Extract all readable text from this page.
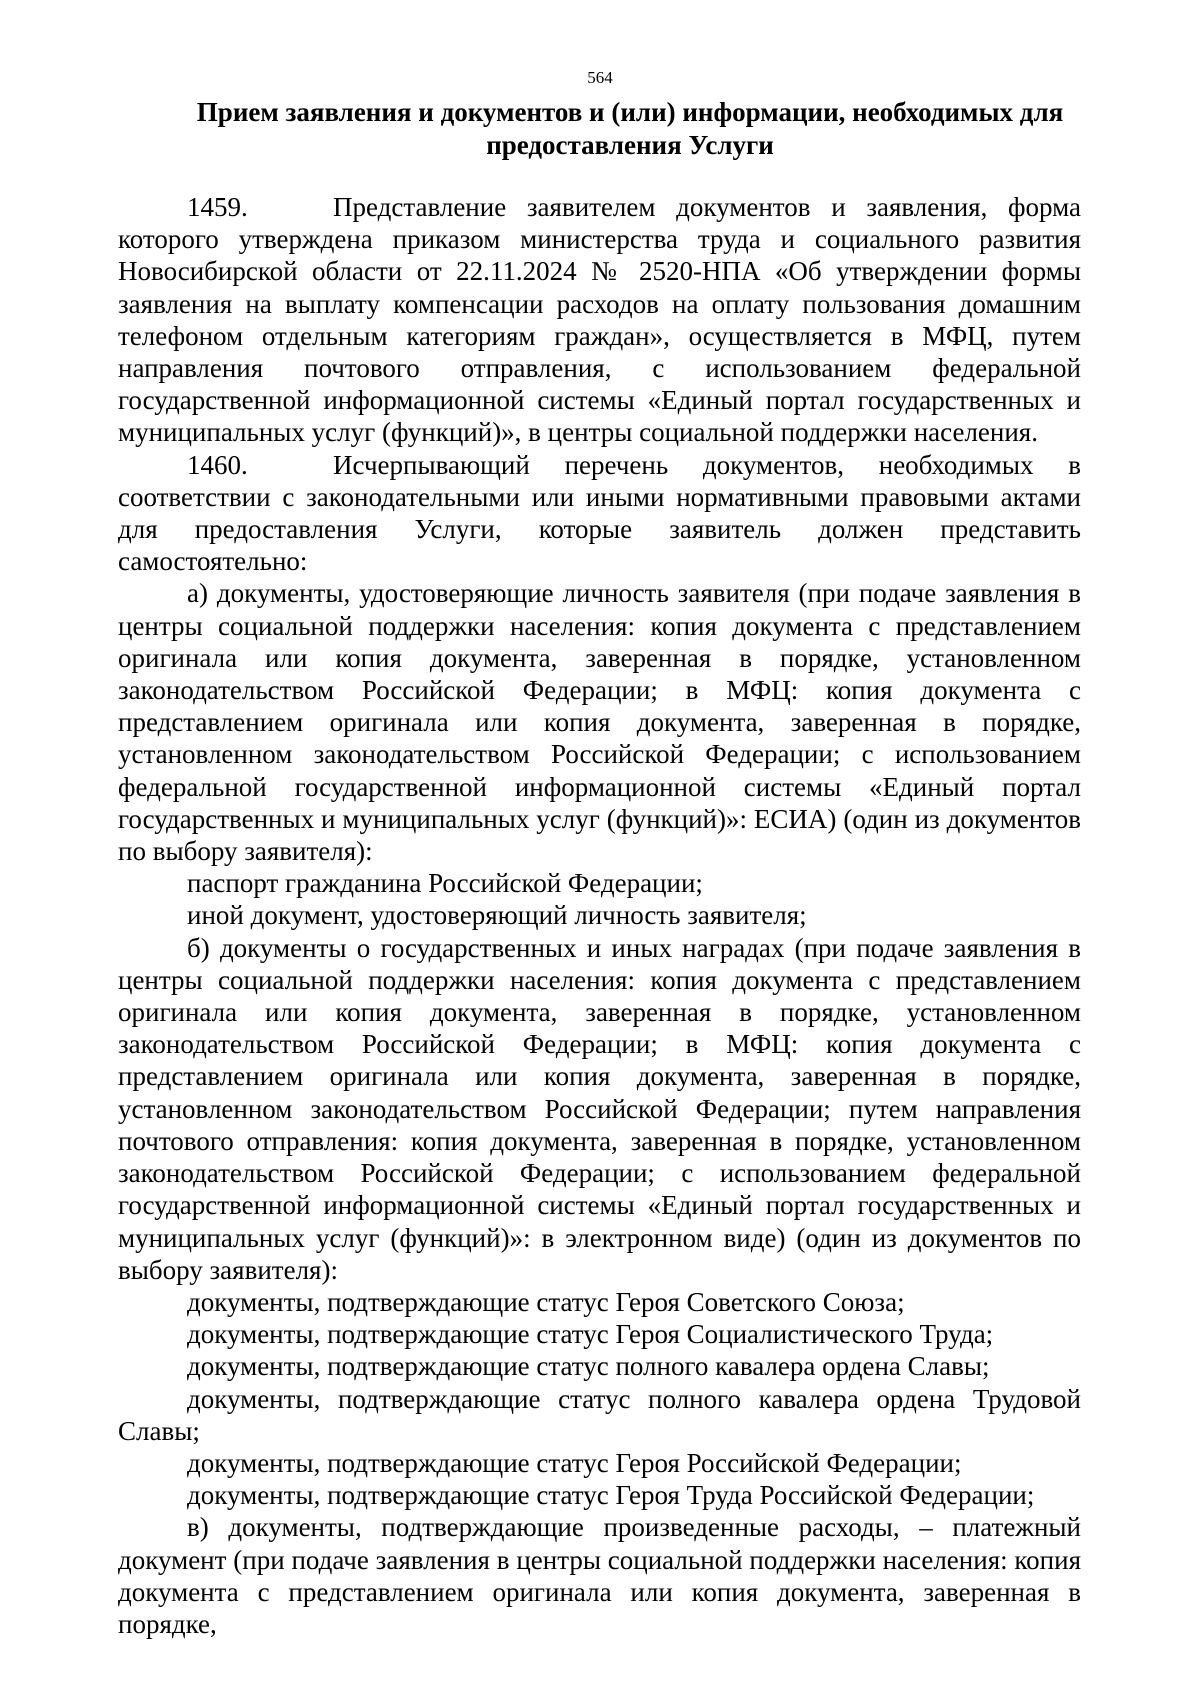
564
Прием заявления и документов и (или) информации, необходимых для предоставления Услуги

1459.	Представление заявителем документов и заявления, форма которого утверждена приказом министерства труда и социального развития Новосибирской области от 22.11.2024 № 2520-НПА «Об утверждении формы заявления на выплату компенсации расходов на оплату пользования домашним телефоном отдельным категориям граждан», осуществляется в МФЦ, путем направления почтового отправления, с использованием федеральной государственной информационной системы «Единый портал государственных и муниципальных услуг (функций)», в центры социальной поддержки населения.

1460.	Исчерпывающий перечень документов, необходимых в соответствии с законодательными или иными нормативными правовыми актами для предоставления Услуги, которые заявитель должен представить самостоятельно:

а) документы, удостоверяющие личность заявителя (при подаче заявления в центры социальной поддержки населения: копия документа с представлением оригинала или копия документа, заверенная в порядке, установленном законодательством Российской Федерации; в МФЦ: копия документа с представлением оригинала или копия документа, заверенная в порядке, установленном законодательством Российской Федерации; с использованием федеральной государственной информационной системы «Единый портал государственных и муниципальных услуг (функций)»: ЕСИА) (один из документов по выбору заявителя):

паспорт гражданина Российской Федерации;

иной документ, удостоверяющий личность заявителя;

б) документы о государственных и иных наградах (при подаче заявления в центры социальной поддержки населения: копия документа с представлением оригинала или копия документа, заверенная в порядке, установленном законодательством Российской Федерации; в МФЦ: копия документа с представлением оригинала или копия документа, заверенная в порядке, установленном законодательством Российской Федерации; путем направления почтового отправления: копия документа, заверенная в порядке, установленном законодательством Российской Федерации; с использованием федеральной государственной информационной системы «Единый портал государственных и муниципальных услуг (функций)»: в электронном виде) (один из документов по выбору заявителя):

документы, подтверждающие статус Героя Советского Союза;

документы, подтверждающие статус Героя Социалистического Труда;

документы, подтверждающие статус полного кавалера ордена Славы;

документы, подтверждающие статус полного кавалера ордена Трудовой Славы;

документы, подтверждающие статус Героя Российской Федерации;

документы, подтверждающие статус Героя Труда Российской Федерации;

в) документы, подтверждающие произведенные расходы, – платежный документ (при подаче заявления в центры социальной поддержки населения: копия документа с представлением оригинала или копия документа, заверенная в порядке,
